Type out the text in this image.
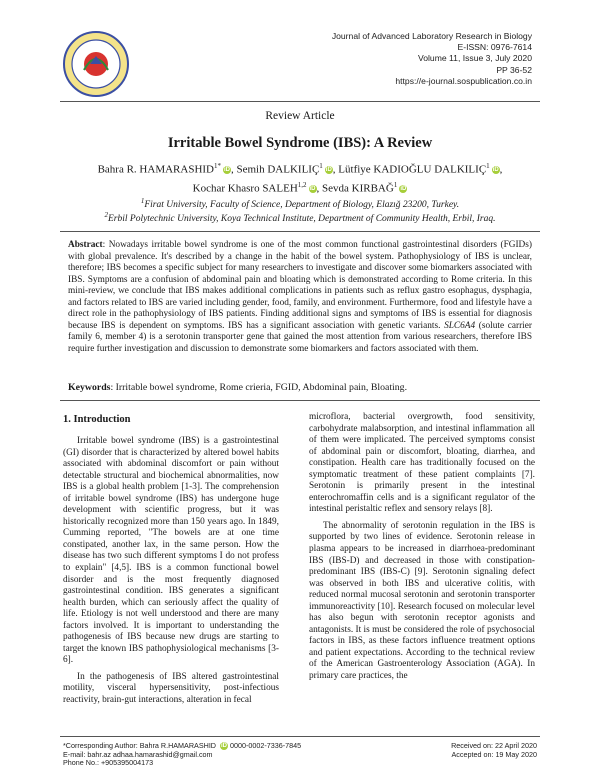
Journal of Advanced Laboratory Research in Biology
E-ISSN: 0976-7614
Volume 11, Issue 3, July 2020
PP 36-52
https://e-journal.sospublication.co.in
Review Article
Irritable Bowel Syndrome (IBS): A Review
Bahra R. $HAMARASHID^{1*}iD$, Semih DALKILIÇ$^1$iD, Lütfiye KADIOĞLU DALKILIÇ$^1$iD,
Kochar Khasro SALEH$^{1,2}$iD, Sevda KIRBAĞ$^1$iD
$^1$Firat University, Faculty of Science, Department of Biology, Elazığ 23200, Turkey.
$^2$Erbil Polytechnic University, Koya Technical Institute, Department of Community Health, Erbil, Iraq.
Abstract: Nowadays irritable bowel syndrome is one of the most common functional gastrointestinal disorders (FGIDs) with global prevalence. It's described by a change in the habit of the bowel system. Pathophysiology of IBS is unclear, therefore; IBS becomes a specific subject for many researchers to investigate and discover some biomarkers associated with IBS. Symptoms are a confusion of abdominal pain and bloating which is demonstrated according to Rome criteria. In this mini-review, we conclude that IBS makes additional complications in patients such as reflux gastro esophagus, dysphagia, and factors related to IBS are varied including gender, food, family, and environment. Furthermore, food and lifestyle have a direct role in the pathophysiology of IBS patients. Finding additional signs and symptoms of IBS is essential for diagnosis because IBS is dependent on symptoms. IBS has a significant association with genetic variants. SLC6A4 (solute carrier family 6, member 4) is a serotonin transporter gene that gained the most attention from various researchers, therefore IBS require further investigation and discussion to demonstrate some biomarkers and factors associated with them.
Keywords: Irritable bowel syndrome, Rome crieria, FGID, Abdominal pain, Bloating.
1. Introduction

Irritable bowel syndrome (IBS) is a gastrointestinal (GI) disorder that is characterized by altered bowel habits associated with abdominal discomfort or pain without detectable structural and biochemical abnormalities, now IBS is a global health problem [1-3]. The comprehension of irritable bowel syndrome (IBS) has undergone huge development with scientific progress, but it was historically recognized more than 150 years ago. In 1849, Cumming reported, "The bowels are at one time constipated, another lax, in the same person. How the disease has two such different symptoms I do not profess to explain" [4,5]. IBS is a common functional bowel disorder and is the most frequently diagnosed gastrointestinal condition. IBS generates a significant health burden, which can seriously affect the quality of life. Etiology is not well understood and there are many factors involved. It is important to understanding the pathogenesis of IBS because new drugs are starting to target the known IBS pathophysiological mechanisms [3-6].

In the pathogenesis of IBS altered gastrointestinal motility, visceral hypersensitivity, post-infectious reactivity, brain-gut interactions, alteration in fecal

microflora, bacterial overgrowth, food sensitivity, carbohydrate malabsorption, and intestinal inflammation all of them were implicated. The perceived symptoms consist of abdominal pain or discomfort, bloating, diarrhea, and constipation. Health care has traditionally focused on the symptomatic treatment of these patient complaints [7]. Serotonin is primarily present in the intestinal enterochromaffin cells and is a significant regulator of the intestinal peristaltic reflex and sensory relays [8].

The abnormality of serotonin regulation in the IBS is supported by two lines of evidence. Serotonin release in plasma appears to be increased in diarrhoea-predominant IBS (IBS-D) and decreased in those with constipation-predominant IBS (IBS-C) [9]. Serotonin signaling defect was observed in both IBS and ulcerative colitis, with reduced normal mucosal serotonin and serotonin transporter immunoreactivity [10]. Research focused on molecular level has also begun with serotonin receptor agonists and antagonists. It is must be considered the role of psychosocial factors in IBS, as these factors influence treatment options and patient expectations. According to the technical review of the American Gastroenterology Association (AGA). In primary care practices, the

*Corresponding Author: Bahra R.HAMARASHID iD 0000-0002-7336-7845
E-mail: bahr.az adhaa.hamarashid@gmail.com
Phone No.: +905395004173
Received on: 22 April 2020
Accepted on: 19 May 2020
